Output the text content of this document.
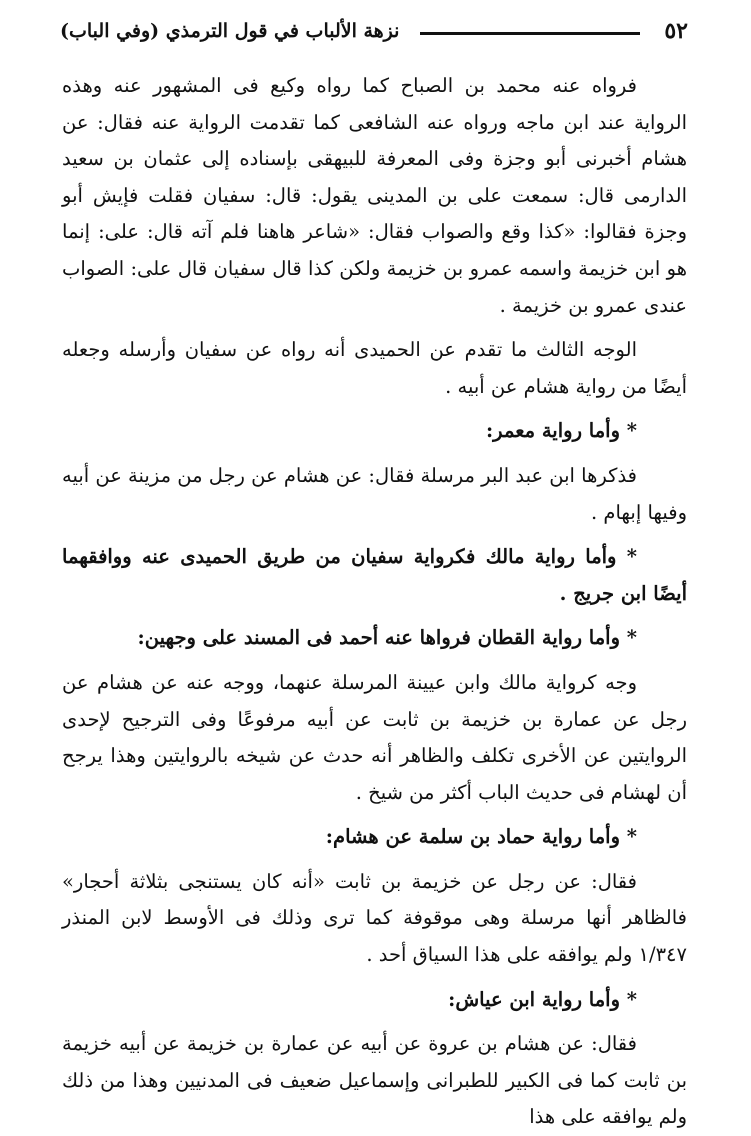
٥٢
نزهة الألباب في قول الترمذي (وفي الباب)

فرواه عنه محمد بن الصباح كما رواه وكيع فى المشهور عنه وهذه الرواية عند ابن ماجه ورواه عنه الشافعى كما تقدمت الرواية عنه فقال: عن هشام أخبرنى أبو وجزة وفى المعرفة للبيهقى بإسناده إلى عثمان بن سعيد الدارمى قال: سمعت على بن المدينى يقول: قال: سفيان فقلت فإيش أبو وجزة فقالوا: «كذا وقع والصواب فقال: «شاعر هاهنا فلم آته قال: على: إنما هو ابن خزيمة واسمه عمرو بن خزيمة ولكن كذا قال سفيان قال على: الصواب عندى عمرو بن خزيمة .

الوجه الثالث ما تقدم عن الحميدى أنه رواه عن سفيان وأرسله وجعله أيضًا من رواية هشام عن أبيه .

* وأما رواية معمر:

فذكرها ابن عبد البر مرسلة فقال: عن هشام عن رجل من مزينة عن أبيه وفيها إبهام .

* وأما رواية مالك فكرواية سفيان من طريق الحميدى عنه ووافقهما أيضًا ابن جريج .

* وأما رواية القطان فرواها عنه أحمد فى المسند على وجهين:

وجه كرواية مالك وابن عيينة المرسلة عنهما، ووجه عنه عن هشام عن رجل عن عمارة بن خزيمة بن ثابت عن أبيه مرفوعًا وفى الترجيح لإحدى الروايتين عن الأخرى تكلف والظاهر أنه حدث عن شيخه بالروايتين وهذا يرجح أن لهشام فى حديث الباب أكثر من شيخ .

* وأما رواية حماد بن سلمة عن هشام:

فقال: عن رجل عن خزيمة بن ثابت «أنه كان يستنجى بثلاثة أحجار» فالظاهر أنها مرسلة وهى موقوفة كما ترى وذلك فى الأوسط لابن المنذر ١/٣٤٧ ولم يوافقه على هذا السياق أحد .

* وأما رواية ابن عياش:

فقال: عن هشام بن عروة عن أبيه عن عمارة بن خزيمة عن أبيه خزيمة بن ثابت كما فى الكبير للطبرانى وإسماعيل ضعيف فى المدنيين وهذا من ذلك ولم يوافقه على هذا
